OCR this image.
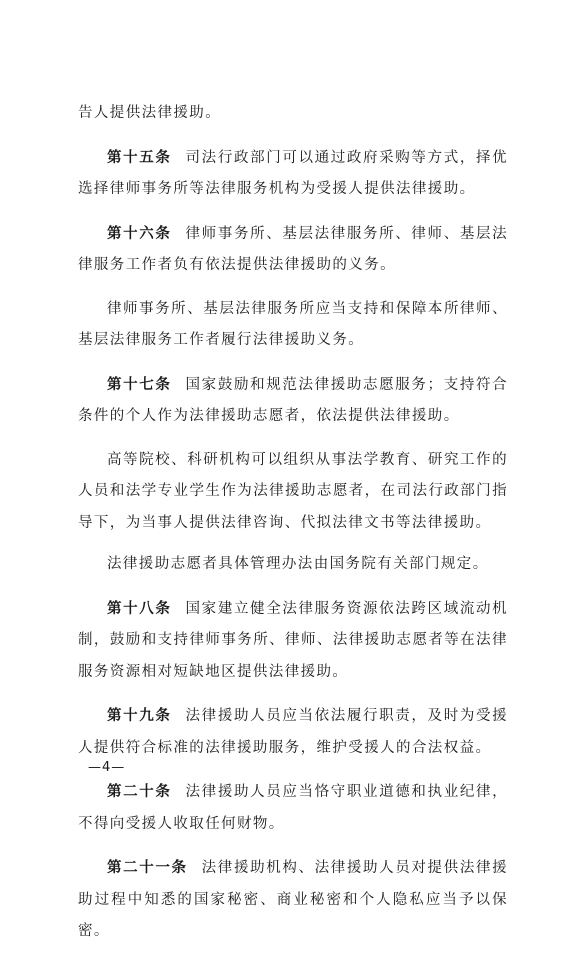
告人提供法律援助。

第十五条 司法行政部门可以通过政府采购等方式，择优选择律师事务所等法律服务机构为受援人提供法律援助。

第十六条 律师事务所、基层法律服务所、律师、基层法律服务工作者负有依法提供法律援助的义务。

律师事务所、基层法律服务所应当支持和保障本所律师、基层法律服务工作者履行法律援助义务。

第十七条 国家鼓励和规范法律援助志愿服务；支持符合条件的个人作为法律援助志愿者，依法提供法律援助。

高等院校、科研机构可以组织从事法学教育、研究工作的人员和法学专业学生作为法律援助志愿者，在司法行政部门指导下，为当事人提供法律咨询、代拟法律文书等法律援助。

法律援助志愿者具体管理办法由国务院有关部门规定。

第十八条 国家建立健全法律服务资源依法跨区域流动机制，鼓励和支持律师事务所、律师、法律援助志愿者等在法律服务资源相对短缺地区提供法律援助。

第十九条 法律援助人员应当依法履行职责，及时为受援人提供符合标准的法律援助服务，维护受援人的合法权益。

第二十条 法律援助人员应当恪守职业道德和执业纪律，不得向受援人收取任何财物。

第二十一条 法律援助机构、法律援助人员对提供法律援助过程中知悉的国家秘密、商业秘密和个人隐私应当予以保密。

—4—
